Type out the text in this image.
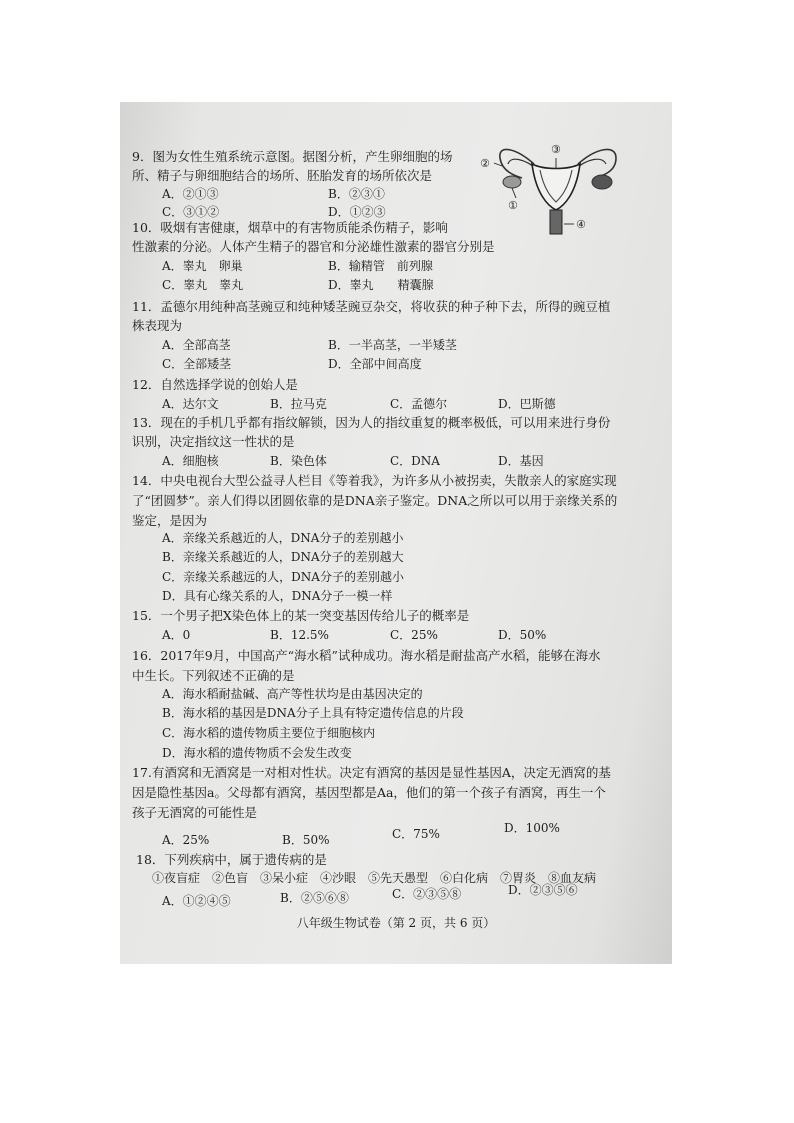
9．图为女性生殖系统示意图。据图分析，产生卵细胞的场
所、精子与卵细胞结合的场所、胚胎发育的场所依次是
A．②①③	B．②③①
C．③①②	D．①②③
③
②
①
④
10．吸烟有害健康，烟草中的有害物质能杀伤精子，影响
性激素的分泌。人体产生精子的器官和分泌雄性激素的器官分别是
A．睾丸　卵巢	B．输精管　前列腺
C．睾丸　睾丸	D．睾丸　　精囊腺
11．孟德尔用纯种高茎豌豆和纯种矮茎豌豆杂交，将收获的种子种下去，所得的豌豆植
株表现为
A．全部高茎	B．一半高茎，一半矮茎
C．全部矮茎	D．全部中间高度
12．自然选择学说的创始人是
A．达尔文	B．拉马克	C．孟德尔	D．巴斯德
13．现在的手机几乎都有指纹解锁，因为人的指纹重复的概率极低，可以用来进行身份
识别，决定指纹这一性状的是
A．细胞核	B．染色体	C．DNA	D．基因
14．中央电视台大型公益寻人栏目《等着我》，为许多从小被拐卖，失散亲人的家庭实现
了“团圆梦”。亲人们得以团圆依靠的是DNA亲子鉴定。DNA之所以可以用于亲缘关系的
鉴定，是因为
A．亲缘关系越近的人，DNA分子的差别越小
B．亲缘关系越近的人，DNA分子的差别越大
C．亲缘关系越远的人，DNA分子的差别越小
D．具有心缘关系的人，DNA分子一模一样
15．一个男子把X染色体上的某一突变基因传给儿子的概率是
A．0	B．12.5%	C．25%	D．50%
16．2017年9月，中国高产“海水稻”试种成功。海水稻是耐盐高产水稻，能够在海水
中生长。下列叙述不正确的是
A．海水稻耐盐碱、高产等性状均是由基因决定的
B．海水稻的基因是DNA分子上具有特定遗传信息的片段
C．海水稻的遗传物质主要位于细胞核内
D．海水稻的遗传物质不会发生改变
17.有酒窝和无酒窝是一对相对性状。决定有酒窝的基因是显性基因A，决定无酒窝的基
因是隐性基因a。父母都有酒窝，基因型都是Aa，他们的第一个孩子有酒窝，再生一个
孩子无酒窝的可能性是
A．25%	B．50%	C．75%	D．100%
18．下列疾病中，属于遗传病的是
①夜盲症　②色盲　③呆小症　④沙眼　⑤先天愚型　⑥白化病　⑦胃炎　⑧血友病
A．①②④⑤	B．②⑤⑥⑧	C．②③⑤⑧	D．②③⑤⑥
八年级生物试卷（第 2 页，共 6 页）
